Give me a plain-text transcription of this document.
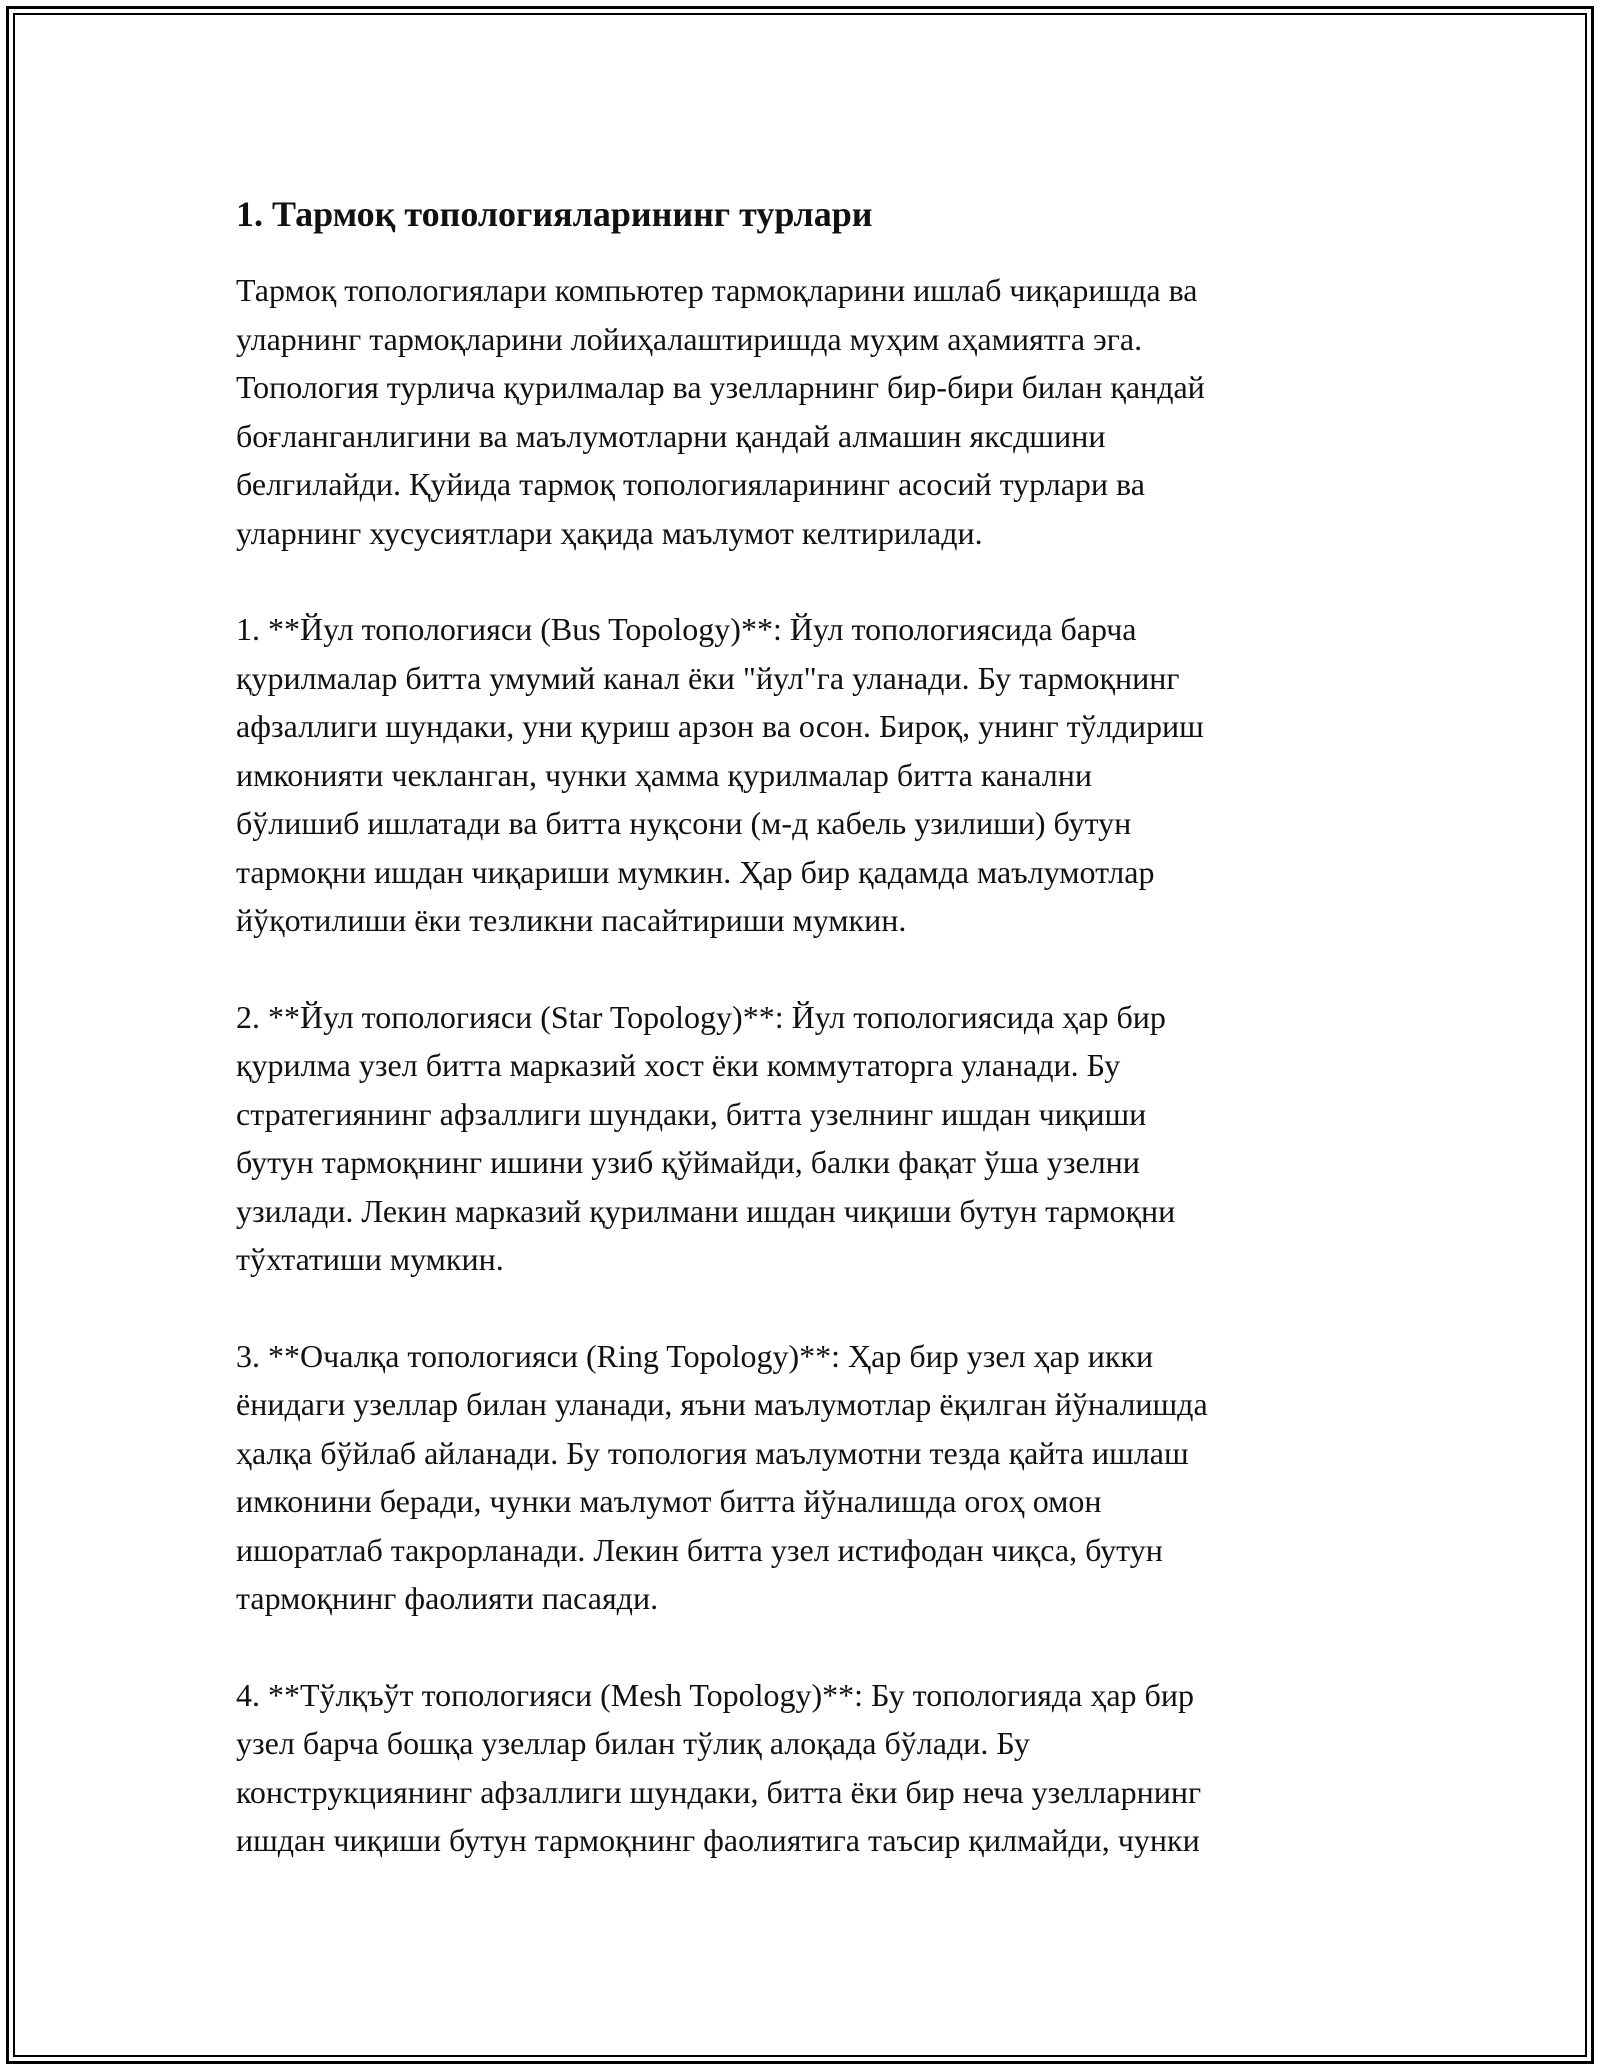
1. Тармоқ топологияларининг турлари

Тармоқ топологиялари компьютер тармоқларини ишлаб чиқаришда ва
уларнинг тармоқларини лойиҳалаштиришда муҳим аҳамиятга эга.
Топология турлича қурилмалар ва узелларнинг бир-бири билан қандай
боғланганлигини ва маълумотларни қандай алмашин яксдшини
белгилайди. Қуйида тармоқ топологияларининг асосий турлари ва
уларнинг хусусиятлари ҳақида маълумот келтирилади.

1. **Йул топологияси (Bus Topology)**: Йул топологиясида барча
қурилмалар битта умумий канал ёки "йул"га уланади. Бу тармоқнинг
афзаллиги шундаки, уни қуриш арзон ва осон. Бироқ, унинг тўлдириш
имконияти чекланган, чунки ҳамма қурилмалар битта канални
бўлишиб ишлатади ва битта нуқсони (м-д кабель узилиши) бутун
тармоқни ишдан чиқариши мумкин. Ҳар бир қадамда маълумотлар
йўқотилиши ёки тезликни пасайтириши мумкин.

2. **Йул топологияси (Star Topology)**: Йул топологиясида ҳар бир
қурилма узел битта марказий хост ёки коммутаторга уланади. Бу
стратегиянинг афзаллиги шундаки, битта узелнинг ишдан чиқиши
бутун тармоқнинг ишини узиб қўймайди, балки фақат ўша узелни
узилади. Лекин марказий қурилмани ишдан чиқиши бутун тармоқни
тўхтатиши мумкин.

3. **Очалқа топологияси (Ring Topology)**: Ҳар бир узел ҳар икки
ёнидаги узеллар билан уланади, яъни маълумотлар ёқилган йўналишда
ҳалқа бўйлаб айланади. Бу топология маълумотни тезда қайта ишлаш
имконини беради, чунки маълумот битта йўналишда огоҳ омон
ишоратлаб такрорланади. Лекин битта узел истифодан чиқса, бутун
тармоқнинг фаолияти пасаяди.

4. **Тўлқъўт топологияси (Mesh Topology)**: Бу топологияда ҳар бир
узел барча бошқа узеллар билан тўлиқ алоқада бўлади. Бу
конструкциянинг афзаллиги шундаки, битта ёки бир неча узелларнинг
ишдан чиқиши бутун тармоқнинг фаолиятига таъсир қилмайди, чунки
